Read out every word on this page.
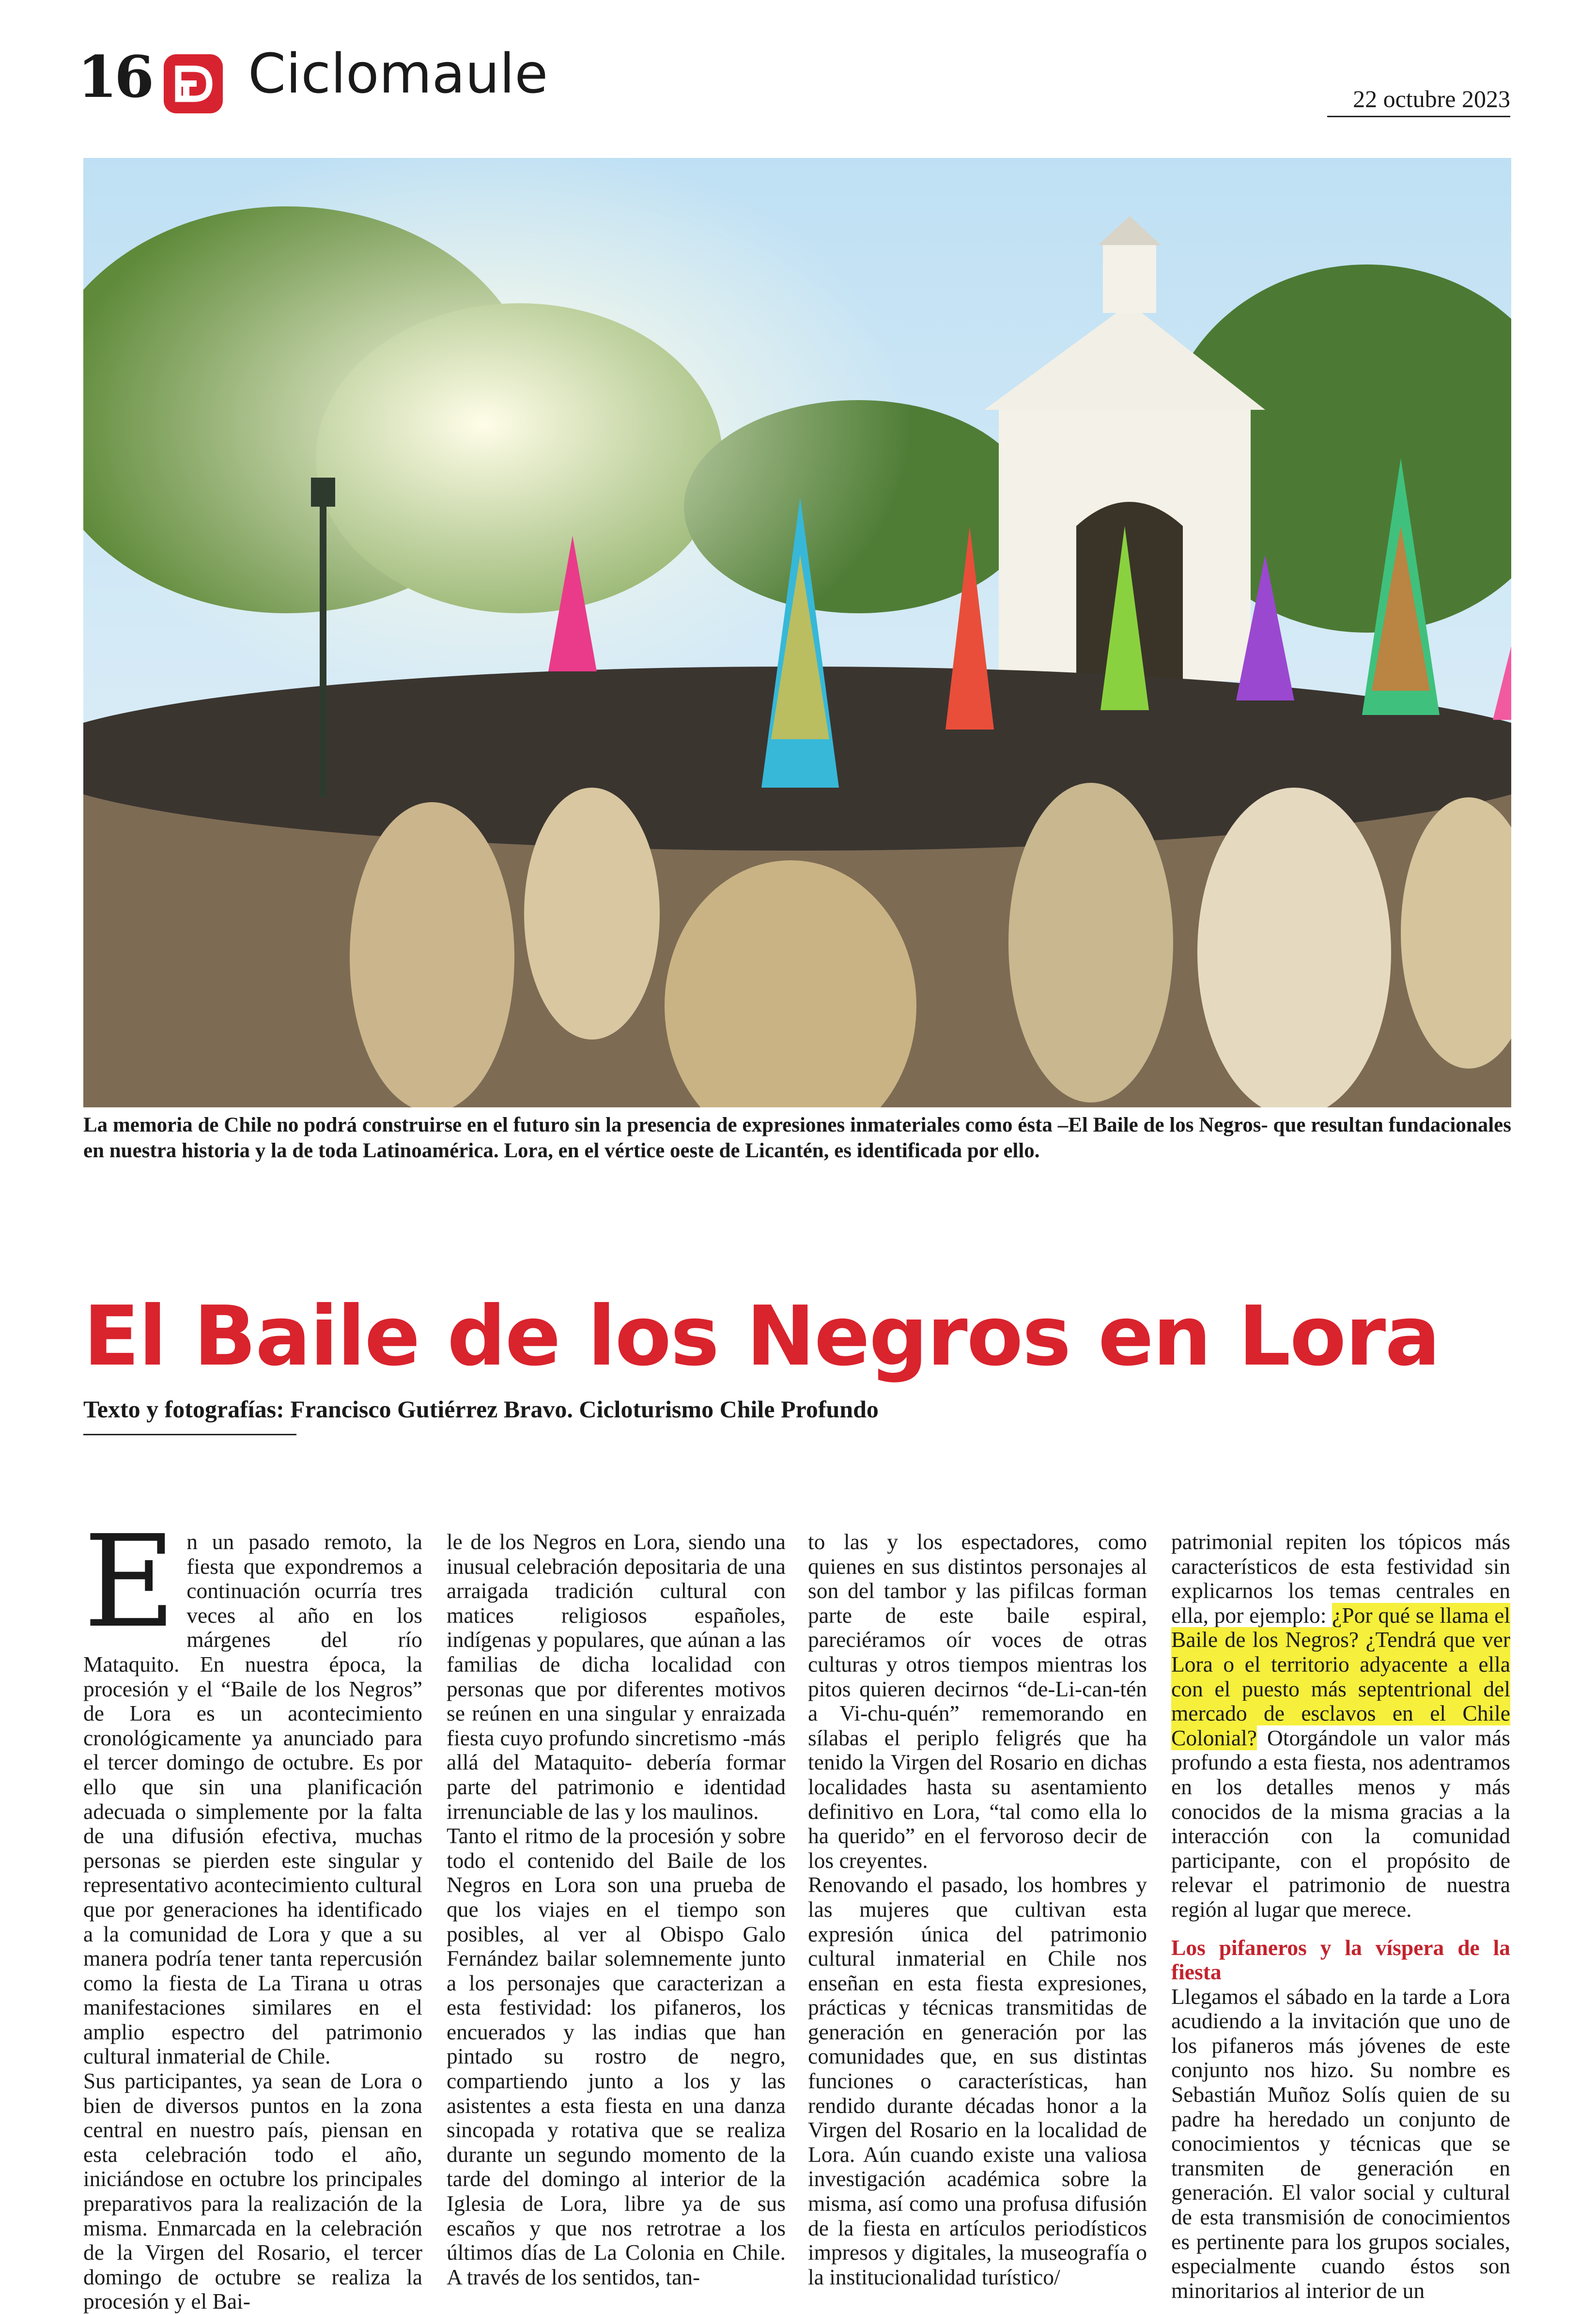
16 Ciclomaule	22 octubre 2023
La memoria de Chile no podrá construirse en el futuro sin la presencia de expresiones inmateriales como ésta –El Baile de los Negros- que resultan fundacionales en nuestra historia y la de toda Latinoamérica. Lora, en el vértice oeste de Licantén, es identificada por ello.
El Baile de los Negros en Lora
Texto y fotografías: Francisco Gutiérrez Bravo. Cicloturismo Chile Profundo

En un pasado remoto, la fiesta que expondremos a continuación ocurría tres veces al año en los márgenes del río Mataquito. En nuestra época, la procesión y el “Baile de los Negros” de Lora es un acontecimiento cronológicamente ya anunciado para el tercer domingo de octubre. Es por ello que sin una planificación adecuada o simplemente por la falta de una difusión efectiva, muchas personas se pierden este singular y representativo acontecimiento cultural que por generaciones ha identificado a la comunidad de Lora y que a su manera podría tener tanta repercusión como la fiesta de La Tirana u otras manifestaciones similares en el amplio espectro del patrimonio cultural inmaterial de Chile.

Sus participantes, ya sean de Lora o bien de diversos puntos en la zona central en nuestro país, piensan en esta celebración todo el año, iniciándose en octubre los principales preparativos para la realización de la misma. Enmarcada en la celebración de la Virgen del Rosario, el tercer domingo de octubre se realiza la procesión y el Bai-

le de los Negros en Lora, siendo una inusual celebración depositaria de una arraigada tradición cultural con matices religiosos españoles, indígenas y populares, que aúnan a las familias de dicha localidad con personas que por diferentes motivos se reúnen en una singular y enraizada fiesta cuyo profundo sincretismo -más allá del Mataquito- debería formar parte del patrimonio e identidad irrenunciable de las y los maulinos.

Tanto el ritmo de la procesión y sobre todo el contenido del Baile de los Negros en Lora son una prueba de que los viajes en el tiempo son posibles, al ver al Obispo Galo Fernández bailar solemnemente junto a los personajes que caracterizan a esta festividad: los pifaneros, los encuerados y las indias que han pintado su rostro de negro, compartiendo junto a los y las asistentes a esta fiesta en una danza sincopada y rotativa que se realiza durante un segundo momento de la tarde del domingo al interior de la Iglesia de Lora, libre ya de sus escaños y que nos retrotrae a los últimos días de La Colonia en Chile. A través de los sentidos, tan-

to las y los espectadores, como quienes en sus distintos personajes al son del tambor y las pifilcas forman parte de este baile espiral, pareciéramos oír voces de otras culturas y otros tiempos mientras los pitos quieren decirnos “de-Li-can-tén a Vi-chu-quén” rememorando en sílabas el periplo feligrés que ha tenido la Virgen del Rosario en dichas localidades hasta su asentamiento definitivo en Lora, “tal como ella lo ha querido” en el fervoroso decir de los creyentes.

Renovando el pasado, los hombres y las mujeres que cultivan esta expresión única del patrimonio cultural inmaterial en Chile nos enseñan en esta fiesta expresiones, prácticas y técnicas transmitidas de generación en generación por las comunidades que, en sus distintas funciones o características, han rendido durante décadas honor a la Virgen del Rosario en la localidad de Lora. Aún cuando existe una valiosa investigación académica sobre la misma, así como una profusa difusión de la fiesta en artículos periodísticos impresos y digitales, la museografía o la institucionalidad turístico/

patrimonial repiten los tópicos más característicos de esta festividad sin explicarnos los temas centrales en ella, por ejemplo: ¿Por qué se llama el Baile de los Negros? ¿Tendrá que ver Lora o el territorio adyacente a ella con el puesto más septentrional del mercado de esclavos en el Chile Colonial? Otorgándole un valor más profundo a esta fiesta, nos adentramos en los detalles menos y más conocidos de la misma gracias a la interacción con la comunidad participante, con el propósito de relevar el patrimonio de nuestra región al lugar que merece.

Los pifaneros y la víspera de la fiesta

Llegamos el sábado en la tarde a Lora acudiendo a la invitación que uno de los pifaneros más jóvenes de este conjunto nos hizo. Su nombre es Sebastián Muñoz Solís quien de su padre ha heredado un conjunto de conocimientos y técnicas que se transmiten de generación en generación. El valor social y cultural de esta transmisión de conocimientos es pertinente para los grupos sociales, especialmente cuando éstos son minoritarios al interior de un
